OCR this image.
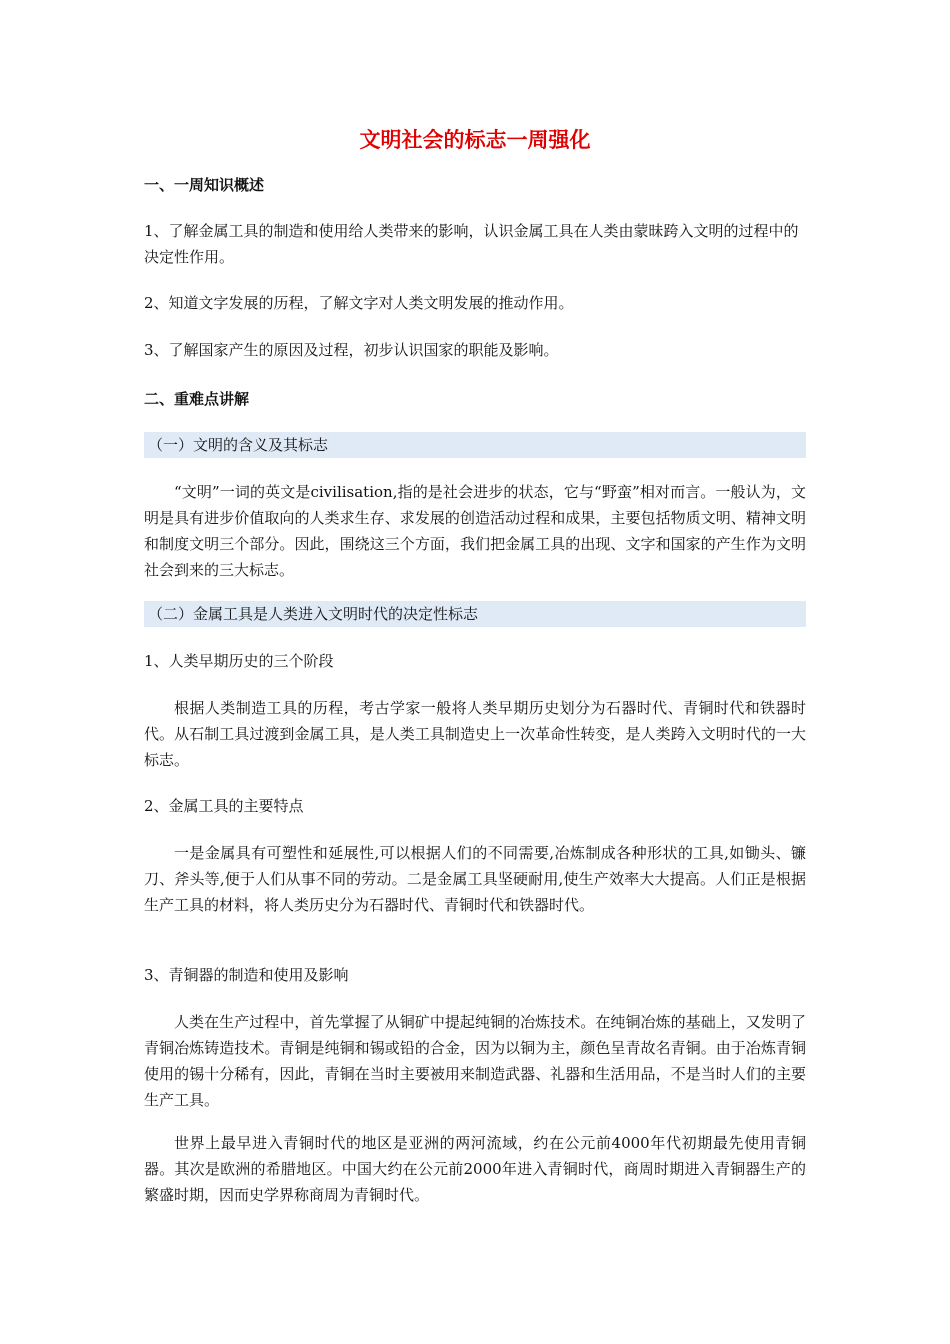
文明社会的标志一周强化
一、一周知识概述
1、了解金属工具的制造和使用给人类带来的影响，认识金属工具在人类由蒙昧跨入文明的过程中的决定性作用。
2、知道文字发展的历程，了解文字对人类文明发展的推动作用。
3、了解国家产生的原因及过程，初步认识国家的职能及影响。
二、重难点讲解
（一）文明的含义及其标志
“文明”一词的英文是civilisation,指的是社会进步的状态，它与“野蛮”相对而言。一般认为，文明是具有进步价值取向的人类求生存、求发展的创造活动过程和成果，主要包括物质文明、精神文明和制度文明三个部分。因此，围绕这三个方面，我们把金属工具的出现、文字和国家的产生作为文明社会到来的三大标志。
（二）金属工具是人类进入文明时代的决定性标志
1、人类早期历史的三个阶段
根据人类制造工具的历程，考古学家一般将人类早期历史划分为石器时代、青铜时代和铁器时代。从石制工具过渡到金属工具，是人类工具制造史上一次革命性转变，是人类跨入文明时代的一大标志。
2、金属工具的主要特点
一是金属具有可塑性和延展性,可以根据人们的不同需要,冶炼制成各种形状的工具,如锄头、镰刀、斧头等,便于人们从事不同的劳动。二是金属工具坚硬耐用,使生产效率大大提高。人们正是根据生产工具的材料，将人类历史分为石器时代、青铜时代和铁器时代。
3、青铜器的制造和使用及影响
人类在生产过程中，首先掌握了从铜矿中提起纯铜的冶炼技术。在纯铜冶炼的基础上，又发明了青铜冶炼铸造技术。青铜是纯铜和锡或铅的合金，因为以铜为主，颜色呈青故名青铜。由于冶炼青铜使用的锡十分稀有，因此，青铜在当时主要被用来制造武器、礼器和生活用品，不是当时人们的主要生产工具。
世界上最早进入青铜时代的地区是亚洲的两河流域，约在公元前4000年代初期最先使用青铜器。其次是欧洲的希腊地区。中国大约在公元前2000年进入青铜时代，商周时期进入青铜器生产的繁盛时期，因而史学界称商周为青铜时代。
